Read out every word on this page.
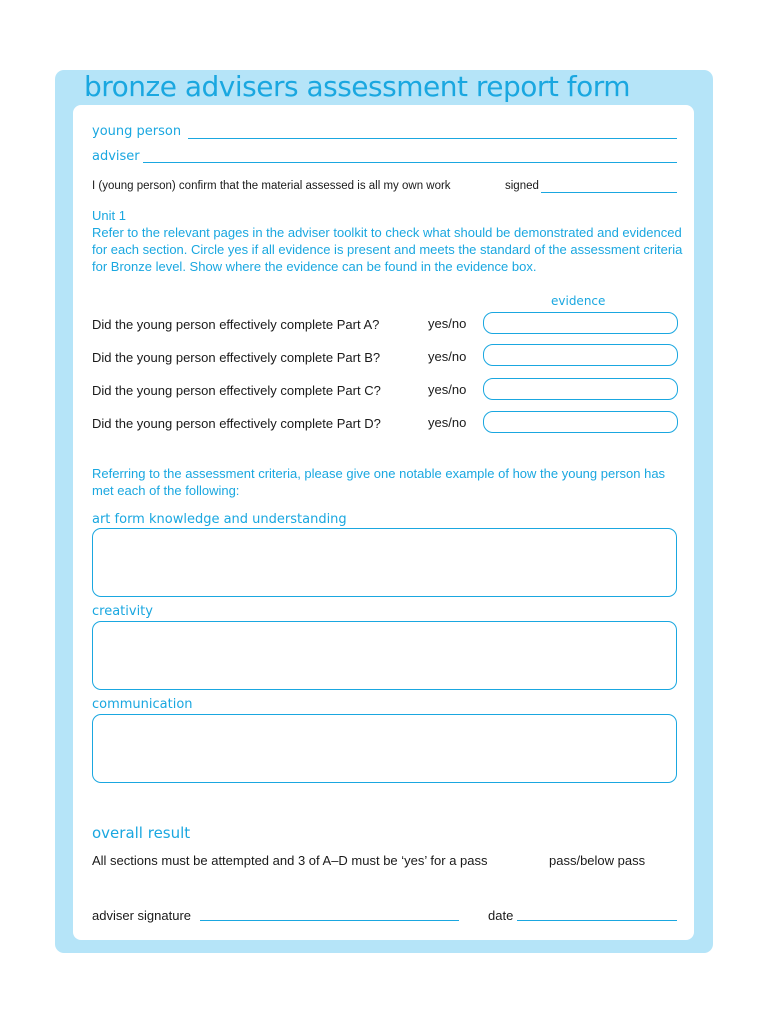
bronze advisers assessment report form
young person
adviser
I (young person) confirm that the material assessed is all my own work	signed
Unit 1
Refer to the relevant pages in the adviser toolkit to check what should be demonstrated and evidenced for each section. Circle yes if all evidence is present and meets the standard of the assessment criteria for Bronze level. Show where the evidence can be found in the evidence box.
evidence
Did the young person effectively complete Part A?	yes/no
Did the young person effectively complete Part B?	yes/no
Did the young person effectively complete Part C?	yes/no
Did the young person effectively complete Part D?	yes/no
Referring to the assessment criteria, please give one notable example of how the young person has met each of the following:
art form knowledge and understanding
creativity
communication
overall result
All sections must be attempted and 3 of A–D must be ‘yes’ for a pass	pass/below pass
adviser signature	date
